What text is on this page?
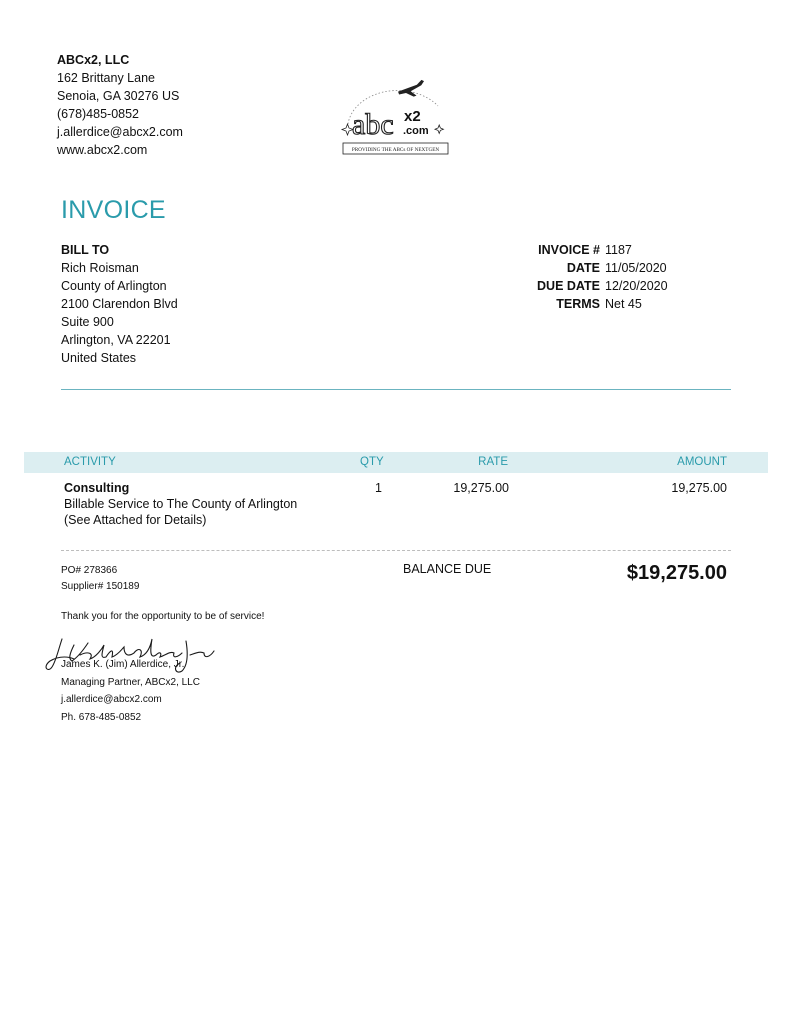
ABCx2, LLC
162 Brittany Lane
Senoia, GA 30276 US
(678)485-0852
j.allerdice@abcx2.com
www.abcx2.com
abc x2
.com
PROVIDING THE ABCs OF NEXTGEN
INVOICE
BILL TO
Rich Roisman
County of Arlington
2100 Clarendon Blvd
Suite 900
Arlington, VA 22201
United States
INVOICE # 1187
DATE 11/05/2020
DUE DATE 12/20/2020
TERMS Net 45
ACTIVITY	QTY	RATE	AMOUNT
Consulting
Billable Service to The County of Arlington
(See Attached for Details)
1	19,275.00	19,275.00
PO# 278366
Supplier# 150189
BALANCE DUE	$19,275.00
Thank you for the opportunity to be of service!
James K. (Jim) Allerdice, Jr.
Managing Partner, ABCx2, LLC
j.allerdice@abcx2.com
Ph. 678-485-0852
